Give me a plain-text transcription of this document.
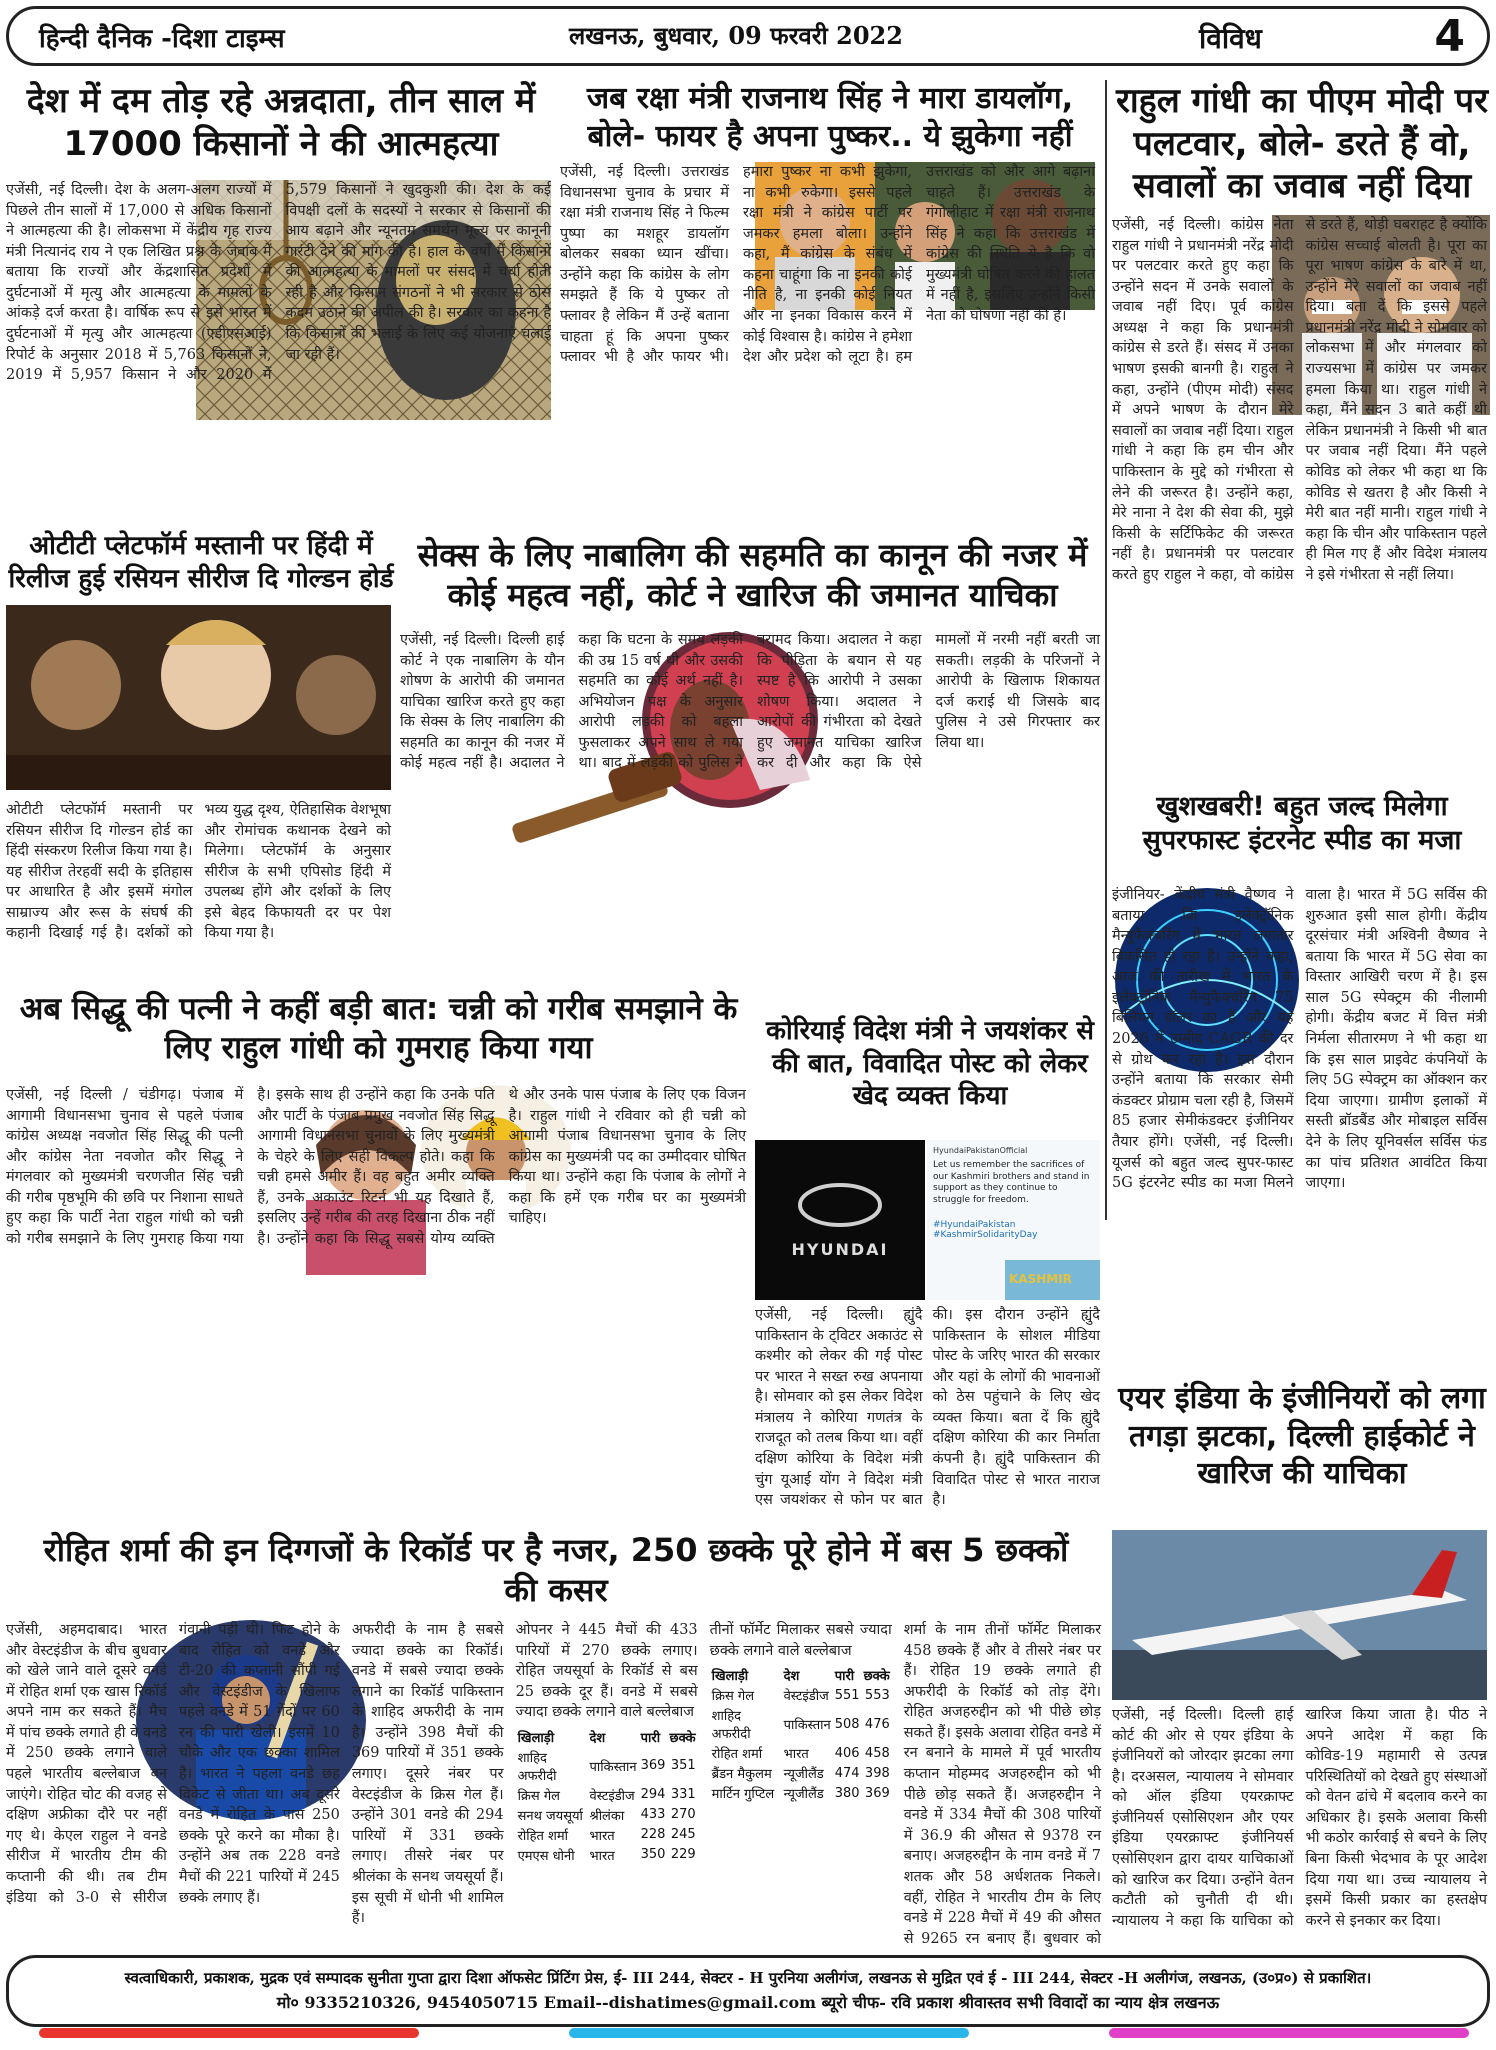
हिन्दी दैनिक -दिशा टाइम्स	लखनऊ, बुधवार, 09 फरवरी 2022	विविध	4
देश में दम तोड़ रहे अन्नदाता, तीन साल में 17000 किसानों ने की आत्महत्या
एजेंसी, नई दिल्ली। देश के अलग-अलग राज्यों में पिछले तीन सालों में 17,000 से अधिक किसानों ने आत्महत्या की है। लोकसभा में केंद्रीय गृह राज्य मंत्री नित्यानंद राय ने एक लिखित प्रश्न के जवाब में बताया कि राज्यों और केंद्रशासित प्रदेशों में दुर्घटनाओं में मृत्यु और आत्महत्या के मामलों के आंकड़े दर्ज करता है। वार्षिक रूप से इसे भारत में दुर्घटनाओं में मृत्यु और आत्महत्या (एडीएसआई) रिपोर्ट के अनुसार 2018 में 5,763 किसानों ने, 2019 में 5,957 किसान ने और 2020 में 5,579 किसानों ने खुदकुशी की। देश के कई विपक्षी दलों के सदस्यों ने सरकार से किसानों की आय बढ़ाने और न्यूनतम समर्थन मूल्य पर कानूनी गारंटी देने की मांग की है। हाल के वर्षों में किसानों की आत्महत्या के मामलों पर संसद में चर्चा होती रही है और किसान संगठनों ने भी सरकार से ठोस कदम उठाने की अपील की है। सरकार का कहना है कि किसानों की भलाई के लिए कई योजनाएं चलाई जा रही हैं।
जब रक्षा मंत्री राजनाथ सिंह ने मारा डायलॉग, बोले- फायर है अपना पुष्कर.. ये झुकेगा नहीं
एजेंसी, नई दिल्ली। उत्तराखंड विधानसभा चुनाव के प्रचार में रक्षा मंत्री राजनाथ सिंह ने फिल्म पुष्पा का मशहूर डायलॉग बोलकर सबका ध्यान खींचा। उन्होंने कहा कि कांग्रेस के लोग समझते हैं कि ये पुष्कर तो फ्लावर है लेकिन मैं उन्हें बताना चाहता हूं कि अपना पुष्कर फ्लावर भी है और फायर भी। हमारा पुष्कर ना कभी झुकेगा, ना कभी रुकेगा। इससे पहले रक्षा मंत्री ने कांग्रेस पार्टी पर जमकर हमला बोला। उन्होंने कहा, मैं कांग्रेस के संबंध में कहना चाहूंगा कि ना इनकी कोई नीति है, ना इनकी कोई नियत और ना इनका विकास करने में कोई विश्वास है। कांग्रेस ने हमेशा देश और प्रदेश को लूटा है। हम उत्तराखंड को और आगे बढ़ाना चाहते हैं। उत्तराखंड के गंगोलीहाट में रक्षा मंत्री राजनाथ सिंह ने कहा कि उत्तराखंड में कांग्रेस की स्थिति ये है कि वो मुख्यमंत्री घोषित करने की हालत में नहीं है, इसलिए उन्होंने किसी नेता को घोषणा नहीं की है।
राहुल गांधी का पीएम मोदी पर पलटवार, बोले- डरते हैं वो, सवालों का जवाब नहीं दिया
एजेंसी, नई दिल्ली। कांग्रेस नेता राहुल गांधी ने प्रधानमंत्री नरेंद्र मोदी पर पलटवार करते हुए कहा कि उन्होंने सदन में उनके सवालों के जवाब नहीं दिए। पूर्व कांग्रेस अध्यक्ष ने कहा कि प्रधानमंत्री कांग्रेस से डरते हैं। संसद में उनका भाषण इसकी बानगी है। राहुल ने कहा, उन्होंने (पीएम मोदी) संसद में अपने भाषण के दौरान मेरे सवालों का जवाब नहीं दिया। राहुल गांधी ने कहा कि हम चीन और पाकिस्तान के मुद्दे को गंभीरता से लेने की जरूरत है। उन्होंने कहा, मेरे नाना ने देश की सेवा की, मुझे किसी के सर्टिफिकेट की जरूरत नहीं है। प्रधानमंत्री पर पलटवार करते हुए राहुल ने कहा, वो कांग्रेस से डरते हैं, थोड़ी घबराहट है क्योंकि कांग्रेस सच्चाई बोलती है। पूरा का पूरा भाषण कांग्रेस के बारे में था, उन्होंने मेरे सवालों का जवाब नहीं दिया। बता दें कि इससे पहले प्रधानमंत्री नरेंद्र मोदी ने सोमवार को लोकसभा में और मंगलवार को राज्यसभा में कांग्रेस पर जमकर हमला किया था। राहुल गांधी ने कहा, मैंने सदन 3 बाते कहीं थी लेकिन प्रधानमंत्री ने किसी भी बात पर जवाब नहीं दिया। मैंने पहले कोविड को लेकर भी कहा था कि कोविड से खतरा है और किसी ने मेरी बात नहीं मानी। राहुल गांधी ने कहा कि चीन और पाकिस्तान पहले ही मिल गए हैं और विदेश मंत्रालय ने इसे गंभीरता से नहीं लिया।
ओटीटी प्लेटफॉर्म मस्तानी पर हिंदी में रिलीज हुई रसियन सीरीज दि गोल्डन होर्ड
ओटीटी प्लेटफॉर्म मस्तानी पर रसियन सीरीज दि गोल्डन होर्ड का हिंदी संस्करण रिलीज किया गया है। यह सीरीज तेरहवीं सदी के इतिहास पर आधारित है और इसमें मंगोल साम्राज्य और रूस के संघर्ष की कहानी दिखाई गई है। दर्शकों को भव्य युद्ध दृश्य, ऐतिहासिक वेशभूषा और रोमांचक कथानक देखने को मिलेगा। प्लेटफॉर्म के अनुसार सीरीज के सभी एपिसोड हिंदी में उपलब्ध होंगे और दर्शकों के लिए इसे बेहद किफायती दर पर पेश किया गया है।
सेक्स के लिए नाबालिग की सहमति का कानून की नजर में कोई महत्व नहीं, कोर्ट ने खारिज की जमानत याचिका
एजेंसी, नई दिल्ली। दिल्ली हाई कोर्ट ने एक नाबालिग के यौन शोषण के आरोपी की जमानत याचिका खारिज करते हुए कहा कि सेक्स के लिए नाबालिग की सहमति का कानून की नजर में कोई महत्व नहीं है। अदालत ने कहा कि घटना के समय लड़की की उम्र 15 वर्ष थी और उसकी सहमति का कोई अर्थ नहीं है। अभियोजन पक्ष के अनुसार आरोपी लड़की को बहला फुसलाकर अपने साथ ले गया था। बाद में लड़की को पुलिस ने बरामद किया। अदालत ने कहा कि पीड़िता के बयान से यह स्पष्ट है कि आरोपी ने उसका शोषण किया। अदालत ने आरोपों की गंभीरता को देखते हुए जमानत याचिका खारिज कर दी और कहा कि ऐसे मामलों में नरमी नहीं बरती जा सकती। लड़की के परिजनों ने आरोपी के खिलाफ शिकायत दर्ज कराई थी जिसके बाद पुलिस ने उसे गिरफ्तार कर लिया था।
अब सिद्धू की पत्नी ने कहीं बड़ी बात: चन्नी को गरीब समझाने के लिए राहुल गांधी को गुमराह किया गया
एजेंसी, नई दिल्ली / चंडीगढ़। पंजाब में आगामी विधानसभा चुनाव से पहले पंजाब कांग्रेस अध्यक्ष नवजोत सिंह सिद्धू की पत्नी और कांग्रेस नेता नवजोत कौर सिद्धू ने मंगलवार को मुख्यमंत्री चरणजीत सिंह चन्नी की गरीब पृष्ठभूमि की छवि पर निशाना साधते हुए कहा कि पार्टी नेता राहुल गांधी को चन्नी को गरीब समझाने के लिए गुमराह किया गया है। इसके साथ ही उन्होंने कहा कि उनके पति और पार्टी के पंजाब प्रमुख नवजोत सिंह सिद्धू आगामी विधानसभा चुनावों के लिए मुख्यमंत्री के चेहरे के लिए सही विकल्प होते। कहा कि चन्नी हमसे अमीर हैं। वह बहुत अमीर व्यक्ति हैं, उनके अकाउंट रिटर्न भी यह दिखाते हैं, इसलिए उन्हें गरीब की तरह दिखाना ठीक नहीं है। उन्होंने कहा कि सिद्धू सबसे योग्य व्यक्ति थे और उनके पास पंजाब के लिए एक विजन है। राहुल गांधी ने रविवार को ही चन्नी को आगामी पंजाब विधानसभा चुनाव के लिए कांग्रेस का मुख्यमंत्री पद का उम्मीदवार घोषित किया था। उन्होंने कहा कि पंजाब के लोगों ने कहा कि हमें एक गरीब घर का मुख्यमंत्री चाहिए।
कोरियाई विदेश मंत्री ने जयशंकर से की बात, विवादित पोस्ट को लेकर खेद व्यक्त किया
HYUNDAI
HyundaiPakistanOfficial
Let us remember the sacrifices of our Kashmiri brothers and stand in support as they continue to struggle for freedom.
#HyundaiPakistan #KashmirSolidarityDay
KASHMIR
एजेंसी, नई दिल्ली। ह्युंदै पाकिस्तान के ट्विटर अकाउंट से कश्मीर को लेकर की गई पोस्ट पर भारत ने सख्त रुख अपनाया है। सोमवार को इस लेकर विदेश मंत्रालय ने कोरिया गणतंत्र के राजदूत को तलब किया था। वहीं दक्षिण कोरिया के विदेश मंत्री चुंग यूआई योंग ने विदेश मंत्री एस जयशंकर से फोन पर बात की। इस दौरान उन्होंने ह्युंदै पाकिस्तान के सोशल मीडिया पोस्ट के जरिए भारत की सरकार और यहां के लोगों की भावनाओं को ठेस पहुंचाने के लिए खेद व्यक्त किया। बता दें कि ह्युंदै दक्षिण कोरिया की कार निर्माता कंपनी है। ह्युंदै पाकिस्तान की विवादित पोस्ट से भारत नाराज है।
खुशखबरी! बहुत जल्द मिलेगा सुपरफास्ट इंटरनेट स्पीड का मजा
इंजीनियर- केंद्रीय मंत्री वैष्णव ने बताया कि इलेक्ट्रॉनिक मैन्युफैक्चरिंग में भारत लगातार विकसित हो रहा है। उन्होंने कहा, आज की तारीख में भारत के इलेक्ट्रॉनिक मैन्युफैक्चरिंग 75 बिलियन डॉलर का है और यह 2026 में उम्मीद CAGR की दर से ग्रोथ कर रहा है। इस दौरान उन्होंने बताया कि सरकार सेमी कंडक्टर प्रोग्राम चला रही है, जिसमें 85 हजार सेमीकंडक्टर इंजीनियर तैयार होंगे। एजेंसी, नई दिल्ली। यूजर्स को बहुत जल्द सुपर-फास्ट 5G इंटरनेट स्पीड का मजा मिलने वाला है। भारत में 5G सर्विस की शुरुआत इसी साल होगी। केंद्रीय दूरसंचार मंत्री अश्विनी वैष्णव ने बताया कि भारत में 5G सेवा का विस्तार आखिरी चरण में है। इस साल 5G स्पेक्ट्रम की नीलामी होगी। केंद्रीय बजट में वित्त मंत्री निर्मला सीतारमण ने भी कहा था कि इस साल प्राइवेट कंपनियों के लिए 5G स्पेक्ट्रम का ऑक्शन कर दिया जाएगा। ग्रामीण इलाकों में सस्ती ब्रॉडबैंड और मोबाइल सर्विस देने के लिए यूनिवर्सल सर्विस फंड का पांच प्रतिशत आवंटित किया जाएगा।
एयर इंडिया के इंजीनियरों को लगा तगड़ा झटका, दिल्ली हाईकोर्ट ने खारिज की याचिका
एजेंसी, नई दिल्ली। दिल्ली हाई कोर्ट की ओर से एयर इंडिया के इंजीनियरों को जोरदार झटका लगा है। दरअसल, न्यायालय ने सोमवार को ऑल इंडिया एयरक्राफ्ट इंजीनियर्स एसोसिएशन और एयर इंडिया एयरक्राफ्ट इंजीनियर्स एसोसिएशन द्वारा दायर याचिकाओं को खारिज कर दिया। उन्होंने वेतन कटौती को चुनौती दी थी। न्यायालय ने कहा कि याचिका को खारिज किया जाता है। पीठ ने अपने आदेश में कहा कि कोविड-19 महामारी से उत्पन्न परिस्थितियों को देखते हुए संस्थाओं को वेतन ढांचे में बदलाव करने का अधिकार है। इसके अलावा किसी भी कठोर कार्रवाई से बचने के लिए बिना किसी भेदभाव के पूर आदेश दिया गया था। उच्च न्यायालय ने इसमें किसी प्रकार का हस्तक्षेप करने से इनकार कर दिया।
रोहित शर्मा की इन दिग्गजों के रिकॉर्ड पर है नजर, 250 छक्के पूरे होने में बस 5 छक्कों की कसर
एजेंसी, अहमदाबाद। भारत और वेस्टइंडीज के बीच बुधवार को खेले जाने वाले दूसरे वनडे में रोहित शर्मा एक खास रिकॉर्ड अपने नाम कर सकते हैं। मैच में पांच छक्के लगाते ही वे वनडे में 250 छक्के लगाने वाले पहले भारतीय बल्लेबाज बन जाएंगे। रोहित चोट की वजह से दक्षिण अफ्रीका दौरे पर नहीं गए थे। केएल राहुल ने वनडे सीरीज में भारतीय टीम की कप्तानी की थी। तब टीम इंडिया को 3-0 से सीरीज गंवानी पड़ी थी। फिट होने के बाद रोहित को वनडे और टी-20 की कप्तानी सौंपी गई और वेस्टइंडीज के खिलाफ पहले वनडे में 51 गेंदों पर 60 रन की पारी खेली। इसमें 10 चौके और एक छक्का शामिल है। भारत ने पहला वनडे छह विकेट से जीता था। अब दूसरे वनडे में रोहित के पास 250 छक्के पूरे करने का मौका है। उन्होंने अब तक 228 वनडे मैचों की 221 पारियों में 245 छक्के लगाए हैं।
अफरीदी के नाम है सबसे ज्यादा छक्के का रिकॉर्ड। वनडे में सबसे ज्यादा छक्के लगाने का रिकॉर्ड पाकिस्तान के शाहिद अफरीदी के नाम है। उन्होंने 398 मैचों की 369 पारियों में 351 छक्के लगाए। दूसरे नंबर पर वेस्टइंडीज के क्रिस गेल हैं। उन्होंने 301 वनडे की 294 पारियों में 331 छक्के लगाए। तीसरे नंबर पर श्रीलंका के सनथ जयसूर्या हैं। इस सूची में धोनी भी शामिल हैं।
ओपनर ने 445 मैचों की 433 पारियों में 270 छक्के लगाए। रोहित जयसूर्या के रिकॉर्ड से बस 25 छक्के दूर हैं। वनडे में सबसे ज्यादा छक्के लगाने वाले बल्लेबाज
खिलाड़ी	देश	पारी	छक्के
शाहिद अफरीदी	पाकिस्तान	369	351
क्रिस गेल	वेस्टइंडीज	294	331
सनथ जयसूर्या	श्रीलंका	433	270
रोहित शर्मा	भारत	228	245
एमएस धोनी	भारत	350	229
तीनों फॉर्मेट मिलाकर सबसे ज्यादा छक्के लगाने वाले बल्लेबाज
खिलाड़ी	देश	पारी	छक्के
क्रिस गेल	वेस्टइंडीज	551	553
शाहिद अफरीदी	पाकिस्तान	508	476
रोहित शर्मा	भारत	406	458
ब्रैंडन मैकुलम	न्यूजीलैंड	474	398
मार्टिन गुप्टिल	न्यूजीलैंड	380	369
शर्मा के नाम तीनों फॉर्मेट मिलाकर 458 छक्के हैं और वे तीसरे नंबर पर हैं। रोहित 19 छक्के लगाते ही अफरीदी के रिकॉर्ड को तोड़ देंगे। रोहित अजहरुद्दीन को भी पीछे छोड़ सकते हैं। इसके अलावा रोहित वनडे में रन बनाने के मामले में पूर्व भारतीय कप्तान मोहम्मद अजहरुद्दीन को भी पीछे छोड़ सकते हैं। अजहरुद्दीन ने वनडे में 334 मैचों की 308 पारियों में 36.9 की औसत से 9378 रन बनाए। अजहरुद्दीन के नाम वनडे में 7 शतक और 58 अर्धशतक निकले। वहीं, रोहित ने भारतीय टीम के लिए वनडे में 228 मैचों में 49 की औसत से 9265 रन बनाए हैं। बुधवार को
स्वत्वाधिकारी, प्रकाशक, मुद्रक एवं सम्पादक सुनीता गुप्ता द्वारा दिशा ऑफसेट प्रिंटिंग प्रेस, ई- III 244, सेक्टर - H पुरनिया अलीगंज, लखनऊ से मुद्रित एवं ई - III 244, सेक्टर -H अलीगंज, लखनऊ, (उ०प्र०) से प्रकाशित।
मो० 9335210326, 9454050715 Email--dishatimes@gmail.com ब्यूरो चीफ- रवि प्रकाश श्रीवास्तव सभी विवादों का न्याय क्षेत्र लखनऊ
